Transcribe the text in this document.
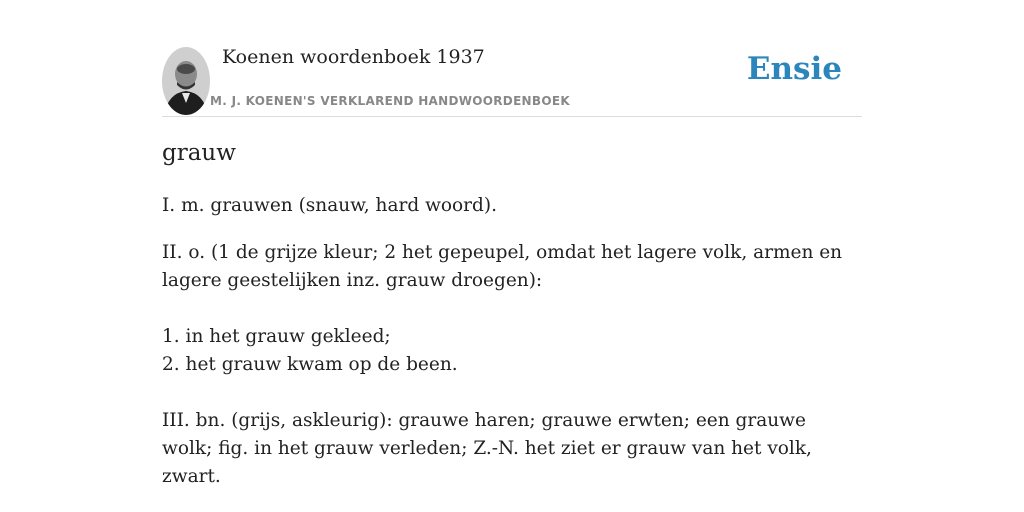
Koenen woordenboek 1937
M. J. KOENEN'S VERKLAREND HANDWOORDENBOEK
Ensie
grauw

I. m. grauwen (snauw, hard woord).

II. o. (1 de grijze kleur; 2 het gepeupel, omdat het lagere volk, armen en lagere geestelijken inz. grauw droegen):

1. in het grauw gekleed;
2. het grauw kwam op de been.

III. bn. (grijs, askleurig): grauwe haren; grauwe erwten; een grauwe wolk; fig. in het grauw verleden; Z.-N. het ziet er grauw van het volk, zwart.
